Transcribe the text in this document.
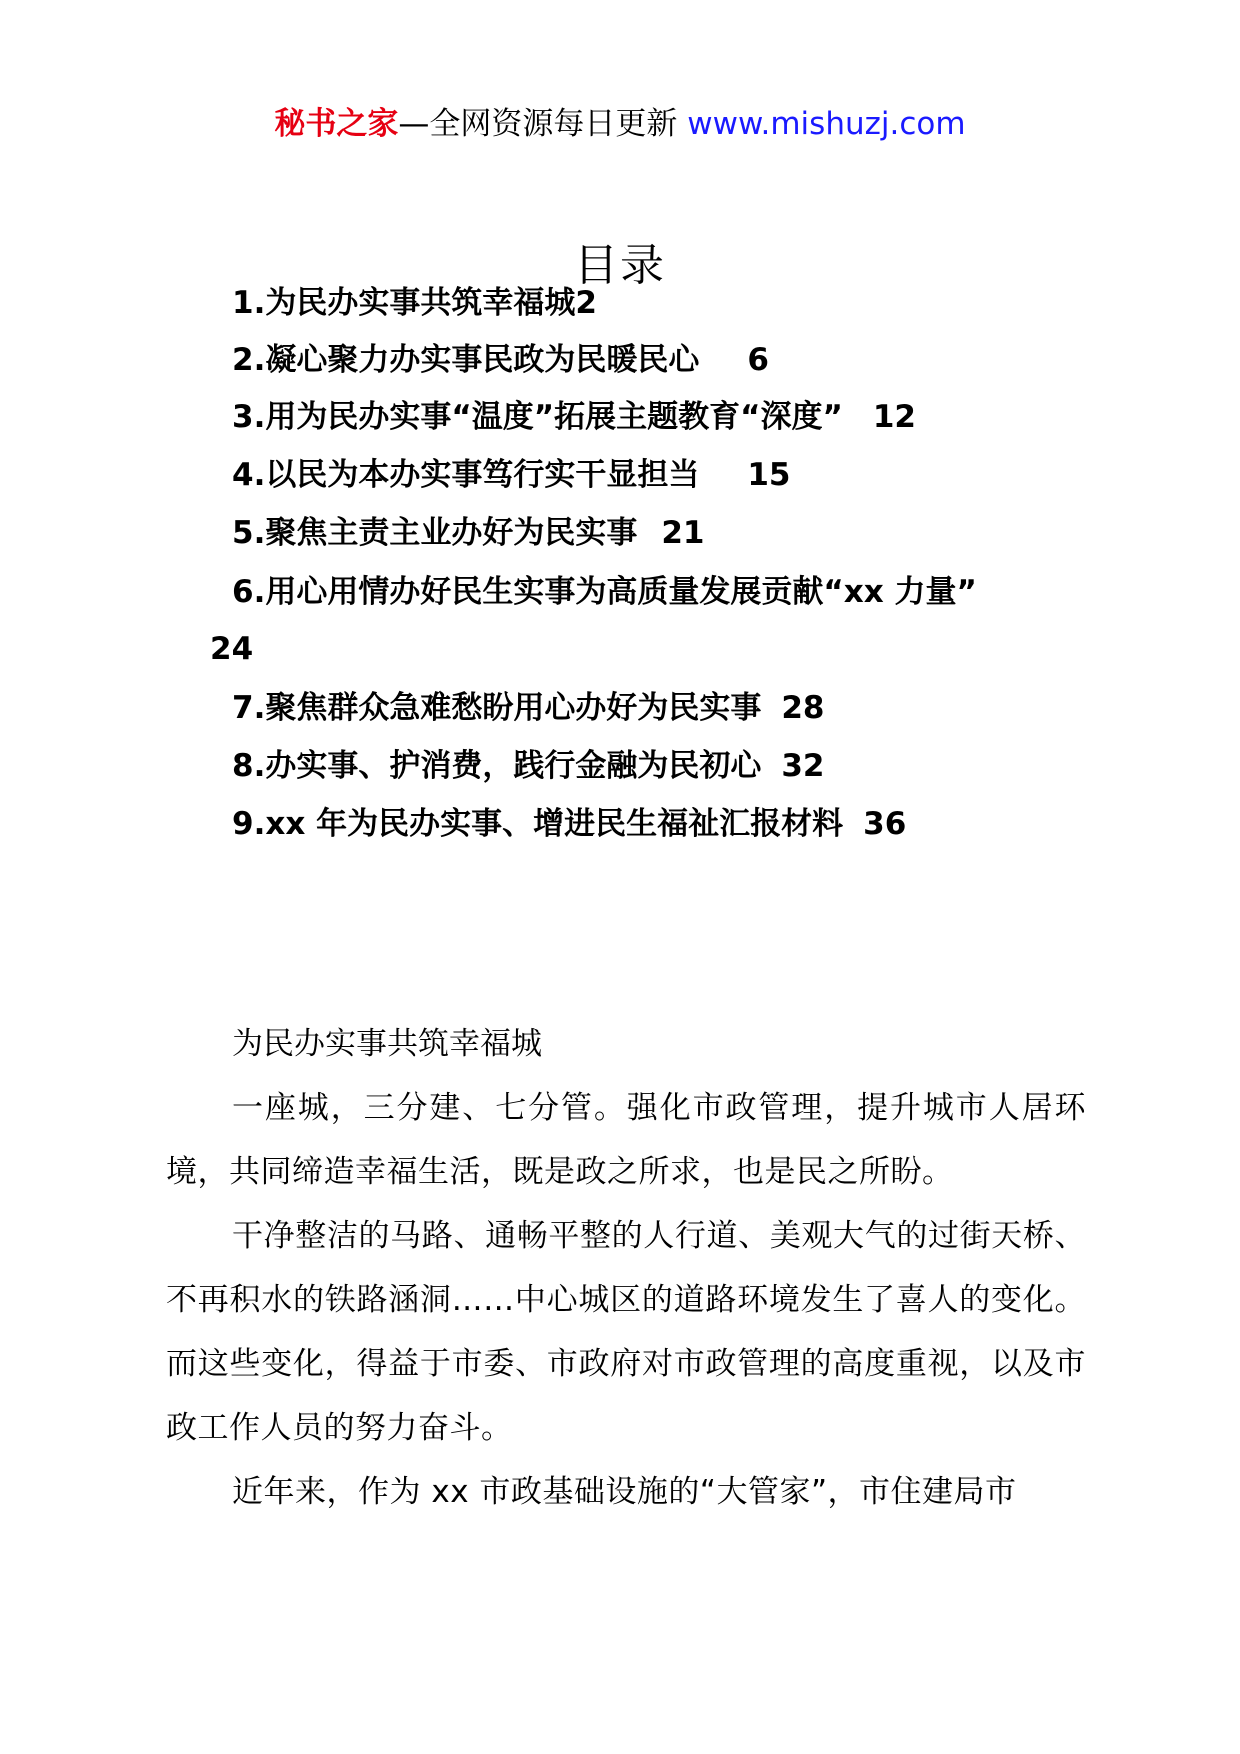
秘书之家—全网资源每日更新 www.mishuzj.com
目录
1.为民办实事共筑幸福城2
2.凝心聚力办实事民政为民暖民心 6
3.用为民办实事“温度”拓展主题教育“深度” 12
4.以民为本办实事笃行实干显担当 15
5.聚焦主责主业办好为民实事 21
6.用心用情办好民生实事为高质量发展贡献“xx 力量”
24
7.聚焦群众急难愁盼用心办好为民实事 28
8.办实事、护消费，践行金融为民初心 32
9.xx 年为民办实事、增进民生福祉汇报材料 36
为民办实事共筑幸福城

一座城，三分建、七分管。强化市政管理，提升城市人居环境，共同缔造幸福生活，既是政之所求，也是民之所盼。

干净整洁的马路、通畅平整的人行道、美观大气的过街天桥、不再积水的铁路涵洞……中心城区的道路环境发生了喜人的变化。而这些变化，得益于市委、市政府对市政管理的高度重视，以及市政工作人员的努力奋斗。

近年来，作为 xx 市政基础设施的“大管家”，市住建局市
